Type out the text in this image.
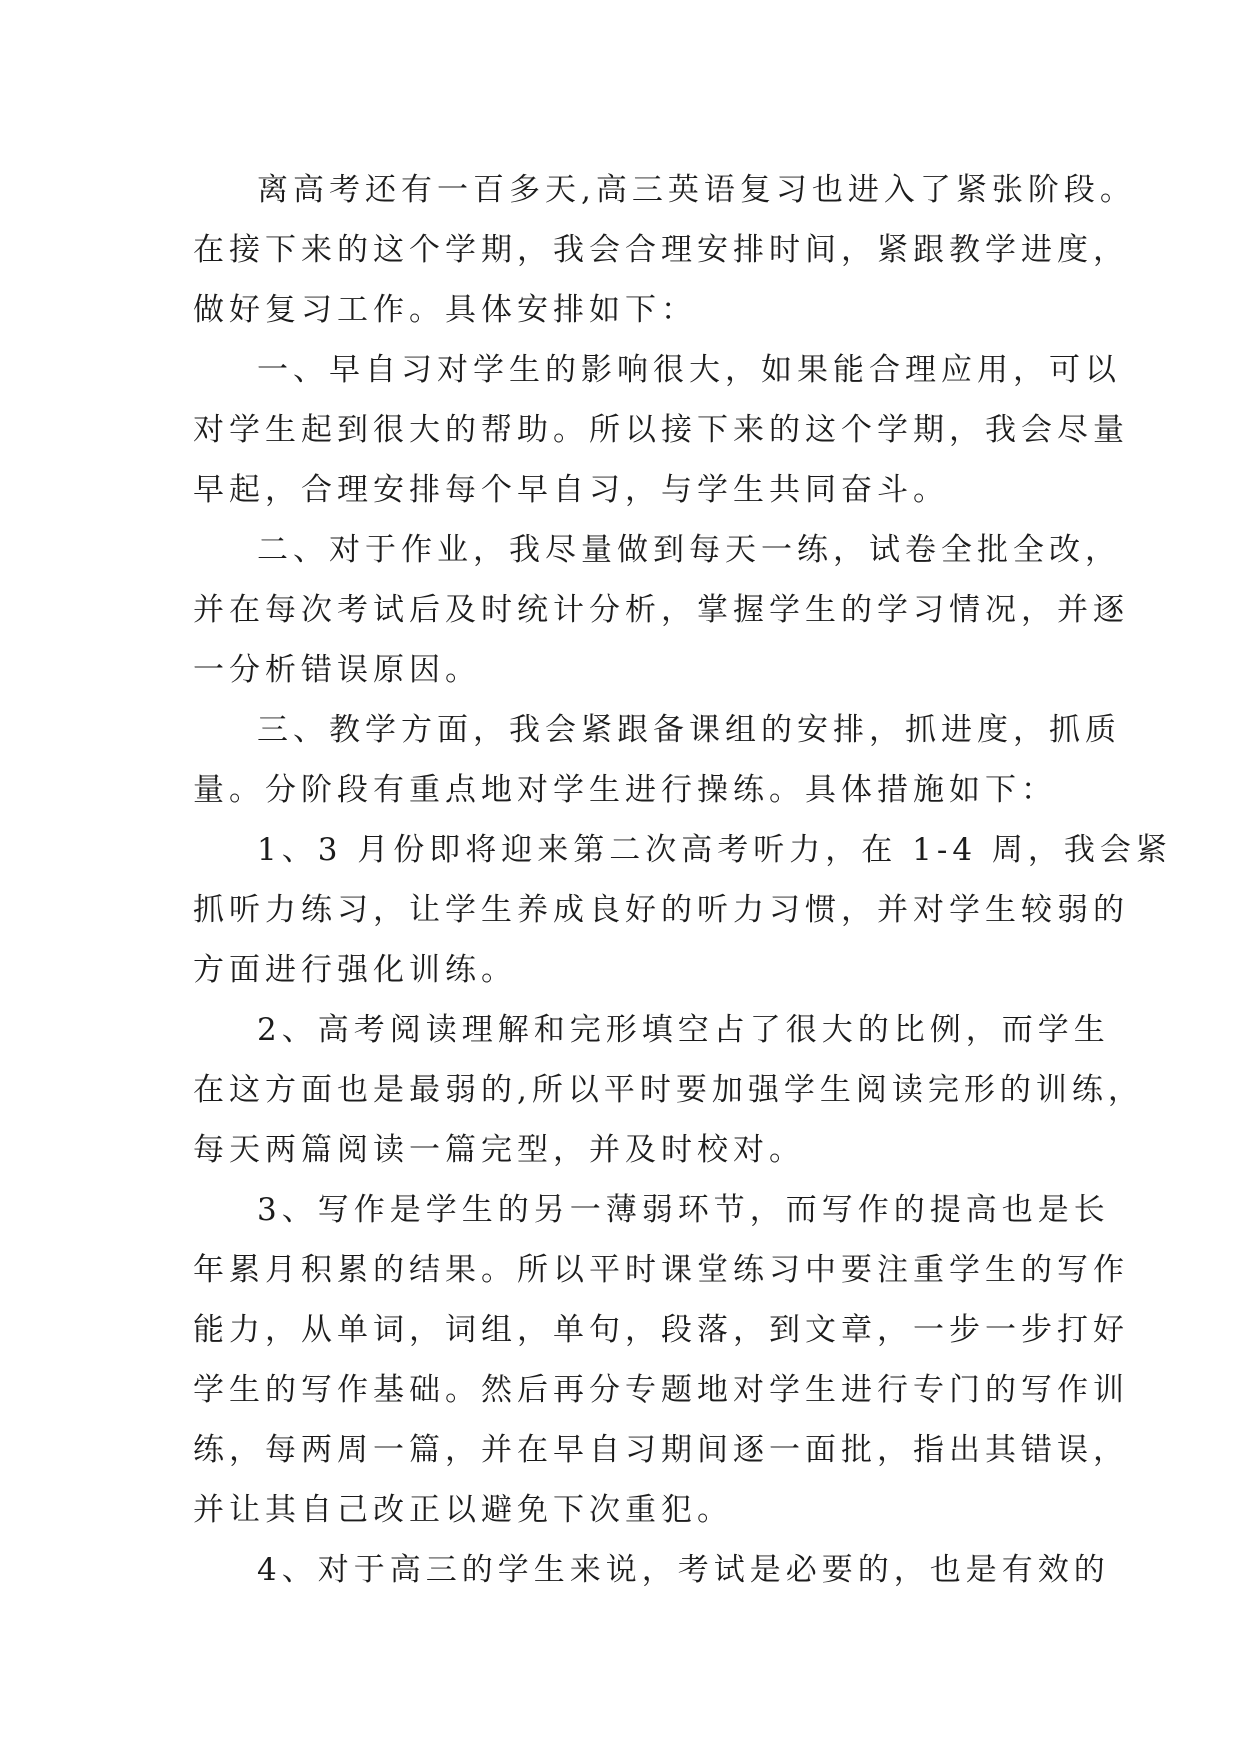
离高考还有一百多天,高三英语复习也进入了紧张阶段。
在接下来的这个学期，我会合理安排时间，紧跟教学进度，
做好复习工作。具体安排如下：
一、早自习对学生的影响很大，如果能合理应用，可以
对学生起到很大的帮助。所以接下来的这个学期，我会尽量
早起，合理安排每个早自习，与学生共同奋斗。
二、对于作业，我尽量做到每天一练，试卷全批全改，
并在每次考试后及时统计分析，掌握学生的学习情况，并逐
一分析错误原因。
三、教学方面，我会紧跟备课组的安排，抓进度，抓质
量。分阶段有重点地对学生进行操练。具体措施如下：
1、3 月份即将迎来第二次高考听力，在 1-4 周，我会紧
抓听力练习，让学生养成良好的听力习惯，并对学生较弱的
方面进行强化训练。
2、高考阅读理解和完形填空占了很大的比例，而学生
在这方面也是最弱的,所以平时要加强学生阅读完形的训练，
每天两篇阅读一篇完型，并及时校对。
3、写作是学生的另一薄弱环节，而写作的提高也是长
年累月积累的结果。所以平时课堂练习中要注重学生的写作
能力，从单词，词组，单句，段落，到文章，一步一步打好
学生的写作基础。然后再分专题地对学生进行专门的写作训
练，每两周一篇，并在早自习期间逐一面批，指出其错误，
并让其自己改正以避免下次重犯。
4、对于高三的学生来说，考试是必要的，也是有效的
